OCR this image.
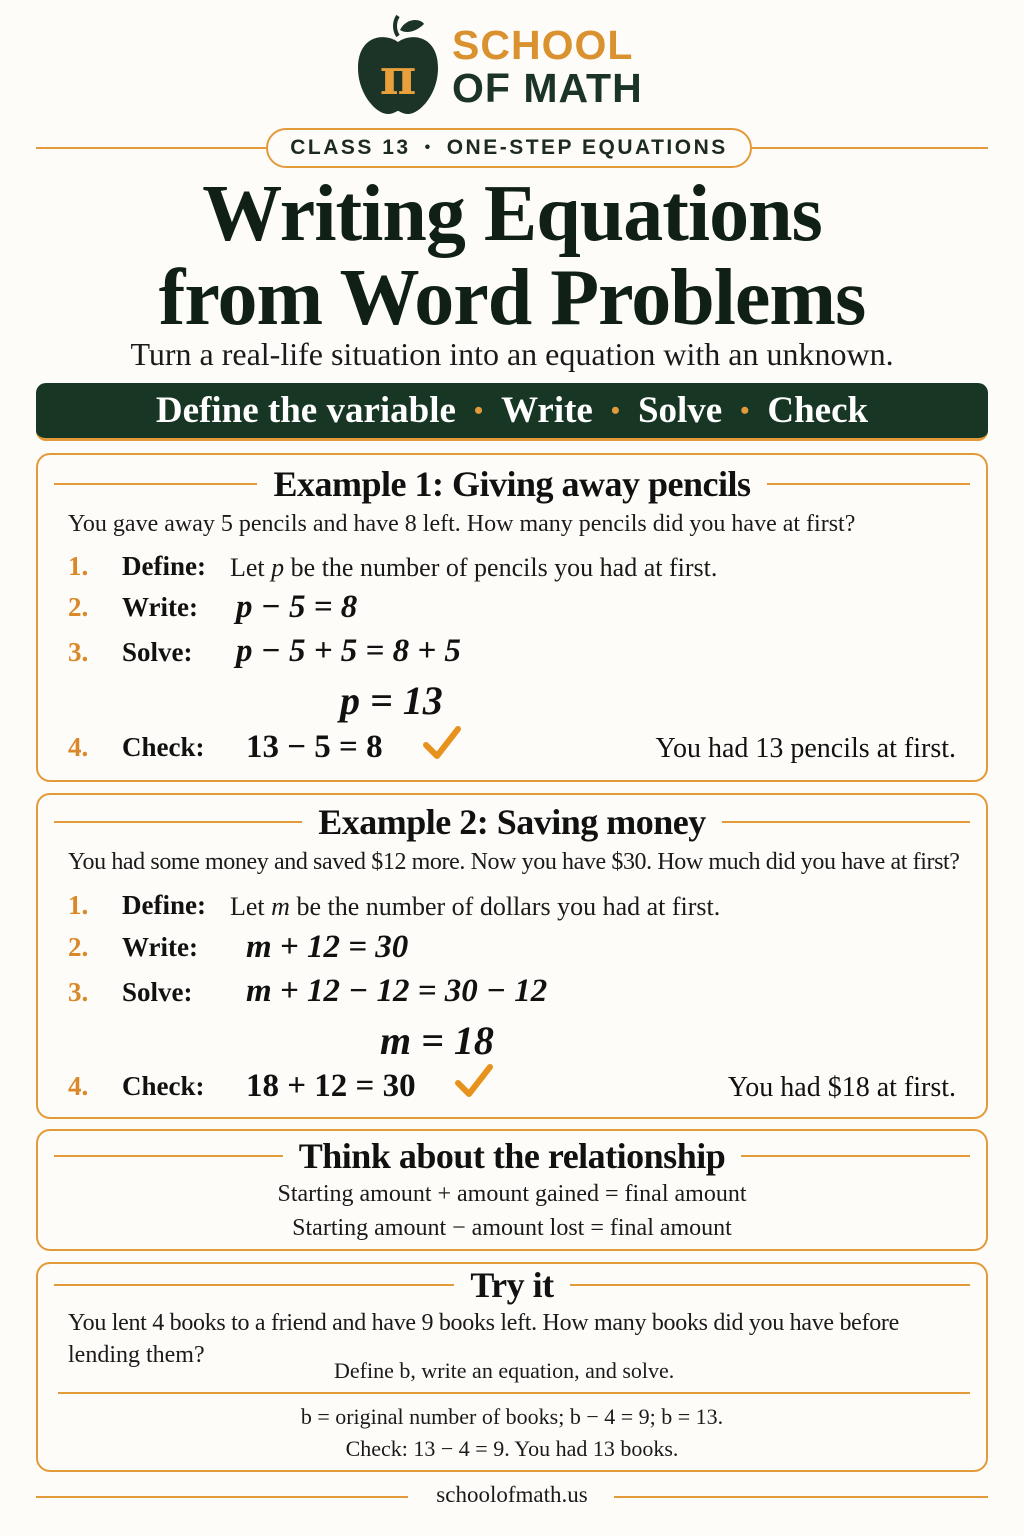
π
SCHOOL
OF MATH
CLASS 13 • ONE-STEP EQUATIONS
Writing Equations
from Word Problems
Turn a real-life situation into an equation with an unknown.
Define the variable • Write • Solve • Check
Example 1: Giving away pencils
You gave away 5 pencils and have 8 left. How many pencils did you have at first?
1. Define: Let p be the number of pencils you had at first.
2. Write: p − 5 = 8
3. Solve: p − 5 + 5 = 8 + 5
p = 13
4. Check: 13 − 5 = 8	You had 13 pencils at first.
Example 2: Saving money
You had some money and saved $12 more. Now you have $30. How much did you have at first?
1. Define: Let m be the number of dollars you had at first.
2. Write: m + 12 = 30
3. Solve: m + 12 − 12 = 30 − 12
m = 18
4. Check: 18 + 12 = 30	You had $18 at first.
Think about the relationship
Starting amount + amount gained = final amount
Starting amount − amount lost = final amount
Try it
You lent 4 books to a friend and have 9 books left. How many books did you have before
lending them?
Define b, write an equation, and solve.
b = original number of books; b − 4 = 9; b = 13.
Check: 13 − 4 = 9. You had 13 books.
schoolofmath.us
